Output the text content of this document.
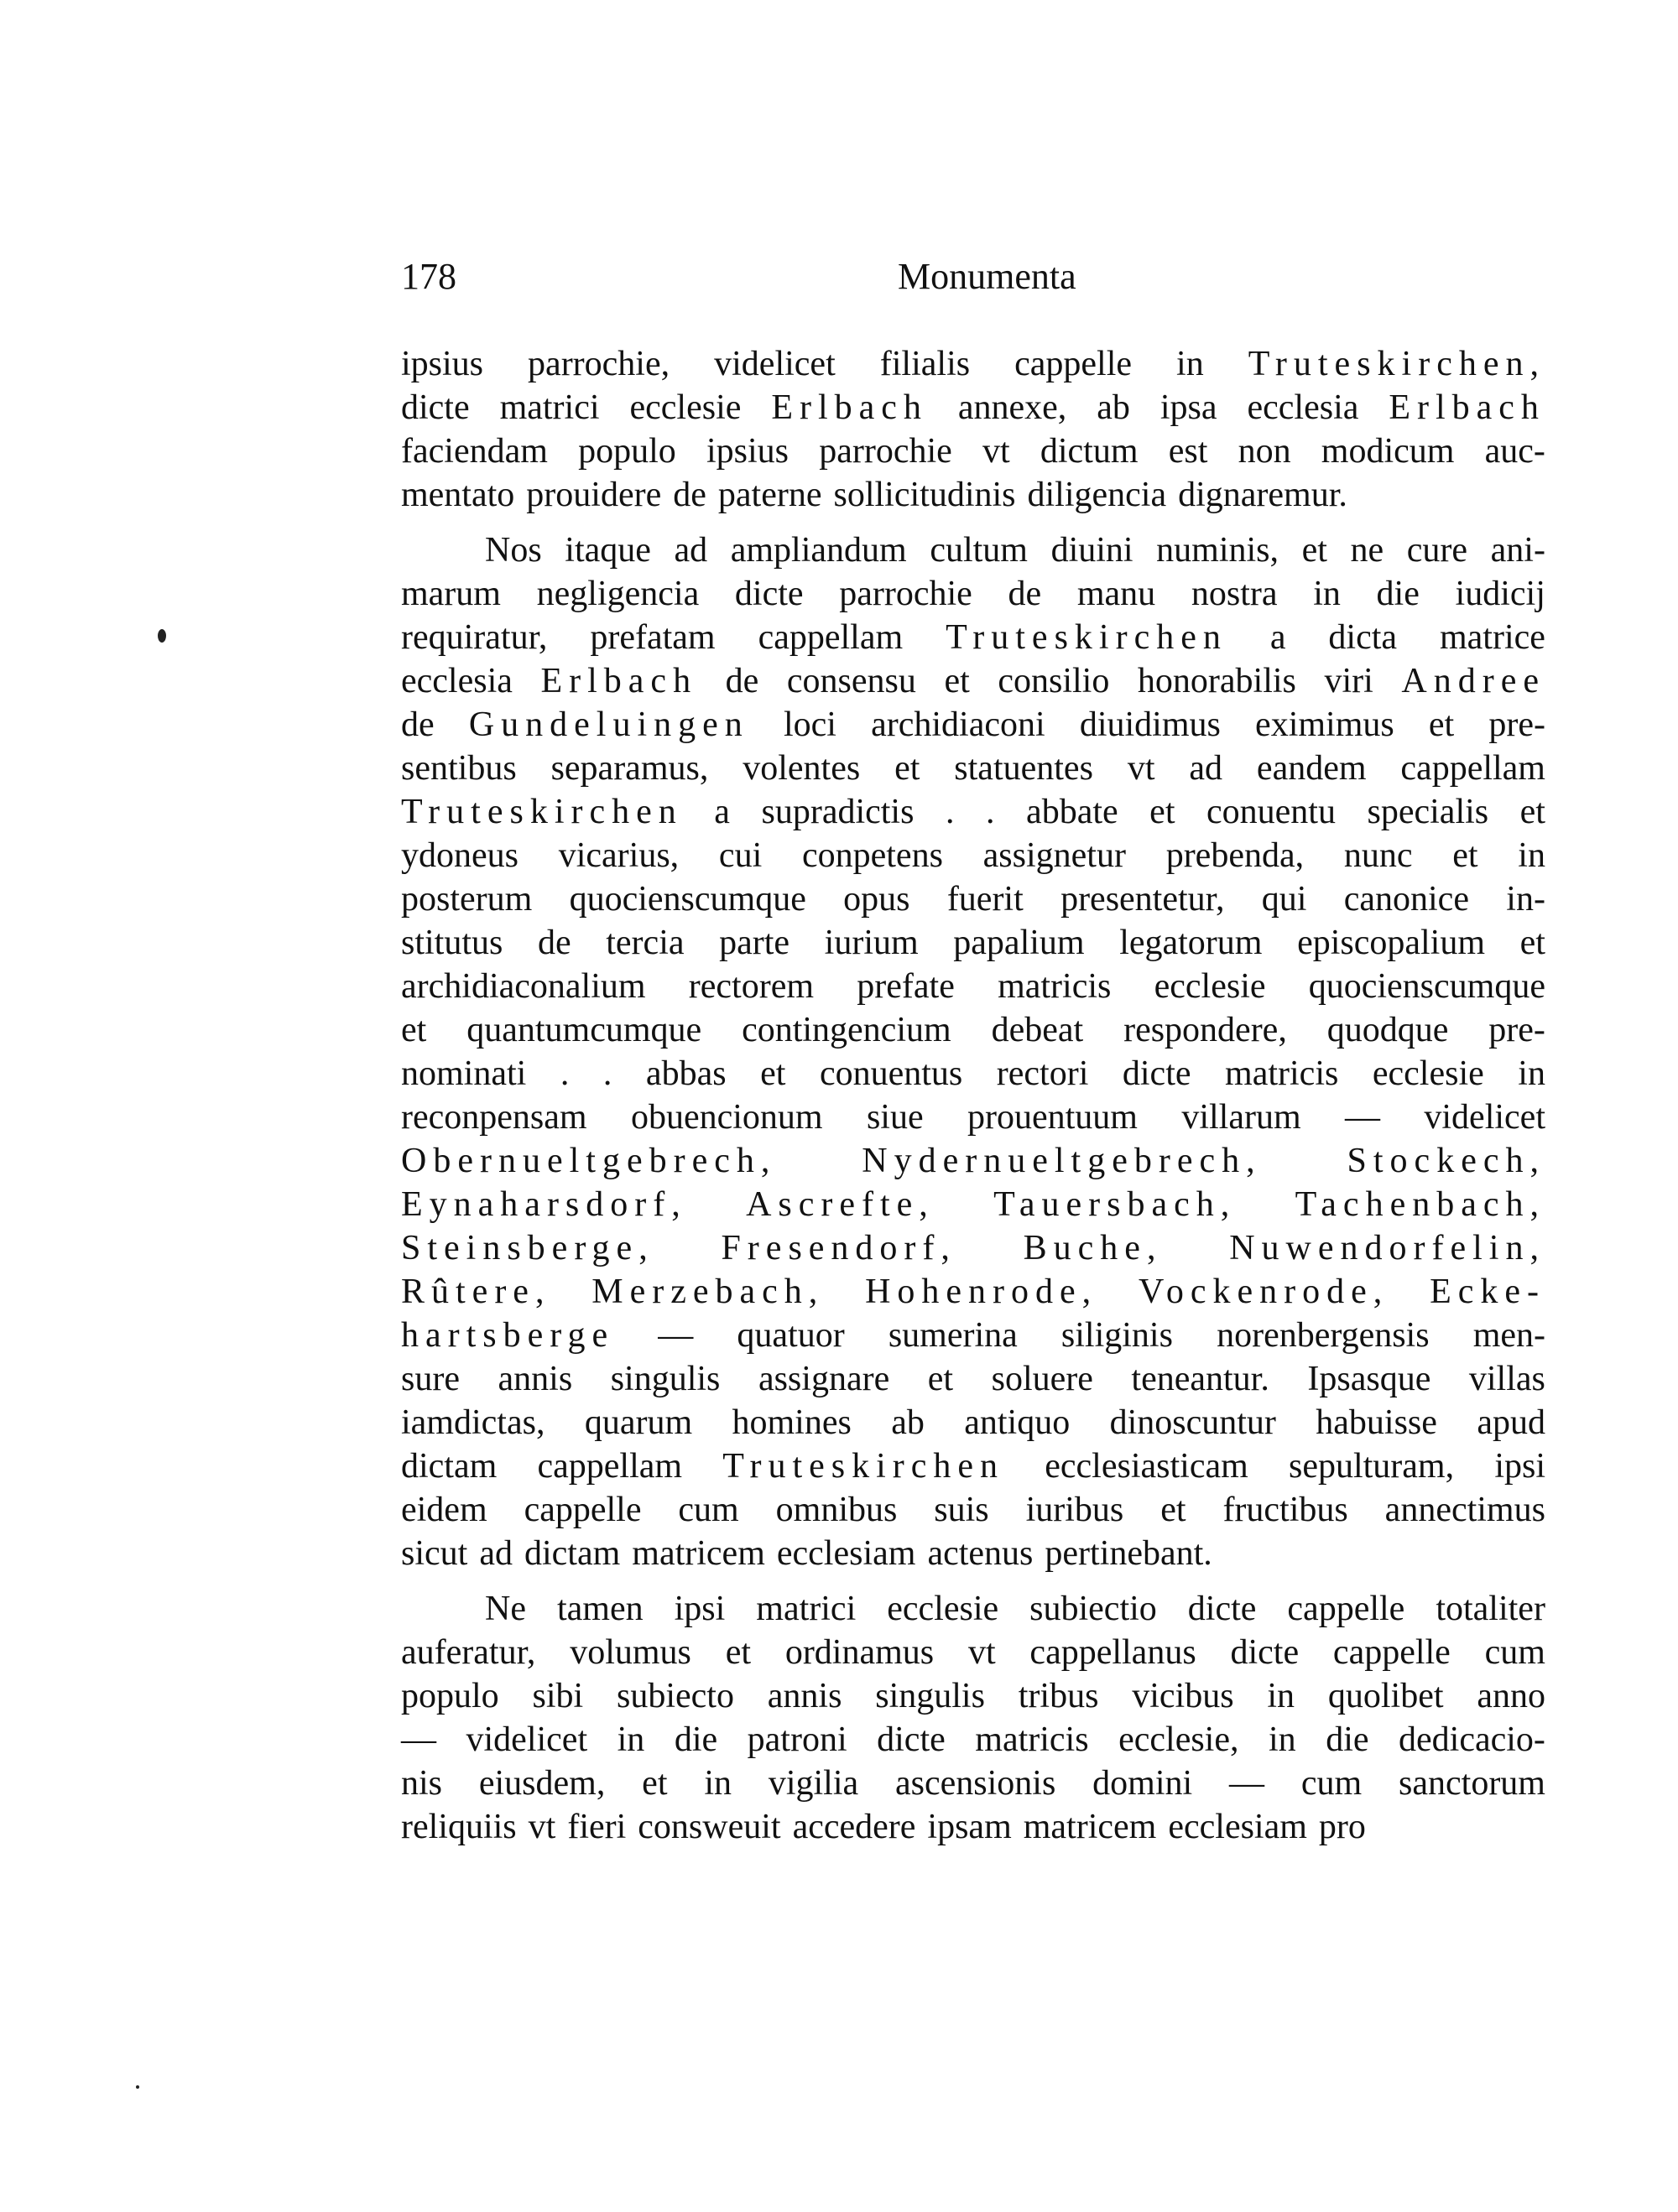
178	Monumenta
ipsius parrochie, videlicet filialis cappelle in Truteskirchen,
dicte matrici ecclesie Erlbach annexe, ab ipsa ecclesia Erlbach
faciendam populo ipsius parrochie vt dictum est non modicum auc-
mentato prouidere de paterne sollicitudinis diligencia dignaremur.
Nos itaque ad ampliandum cultum diuini numinis, et ne cure ani-
marum negligencia dicte parrochie de manu nostra in die iudicij
requiratur, prefatam cappellam Truteskirchen a dicta matrice
ecclesia Erlbach de consensu et consilio honorabilis viri Andree
de Gundeluingen loci archidiaconi diuidimus eximimus et pre-
sentibus separamus, volentes et statuentes vt ad eandem cappellam
Truteskirchen a supradictis . . abbate et conuentu specialis et
ydoneus vicarius, cui conpetens assignetur prebenda, nunc et in
posterum quocienscumque opus fuerit presentetur, qui canonice in-
stitutus de tercia parte iurium papalium legatorum episcopalium et
archidiaconalium rectorem prefate matricis ecclesie quocienscumque
et quantumcumque contingencium debeat respondere, quodque pre-
nominati . . abbas et conuentus rectori dicte matricis ecclesie in
reconpensam obuencionum siue prouentuum villarum — videlicet
Obernueltgebrech, Nydernueltgebrech, Stockech,
Eynaharsdorf, Ascrefte, Tauersbach, Tachenbach,
Steinsberge, Fresendorf, Buche, Nuwendorfelin,
Rûtere, Merzebach, Hohenrode, Vockenrode, Ecke-
hartsberge — quatuor sumerina siliginis norenbergensis men-
sure annis singulis assignare et soluere teneantur. Ipsasque villas
iamdictas, quarum homines ab antiquo dinoscuntur habuisse apud
dictam cappellam Truteskirchen ecclesiasticam sepulturam, ipsi
eidem cappelle cum omnibus suis iuribus et fructibus annectimus
sicut ad dictam matricem ecclesiam actenus pertinebant.
Ne tamen ipsi matrici ecclesie subiectio dicte cappelle totaliter
auferatur, volumus et ordinamus vt cappellanus dicte cappelle cum
populo sibi subiecto annis singulis tribus vicibus in quolibet anno
— videlicet in die patroni dicte matricis ecclesie, in die dedicacio-
nis eiusdem, et in vigilia ascensionis domini — cum sanctorum
reliquiis vt fieri consweuit accedere ipsam matricem ecclesiam pro
